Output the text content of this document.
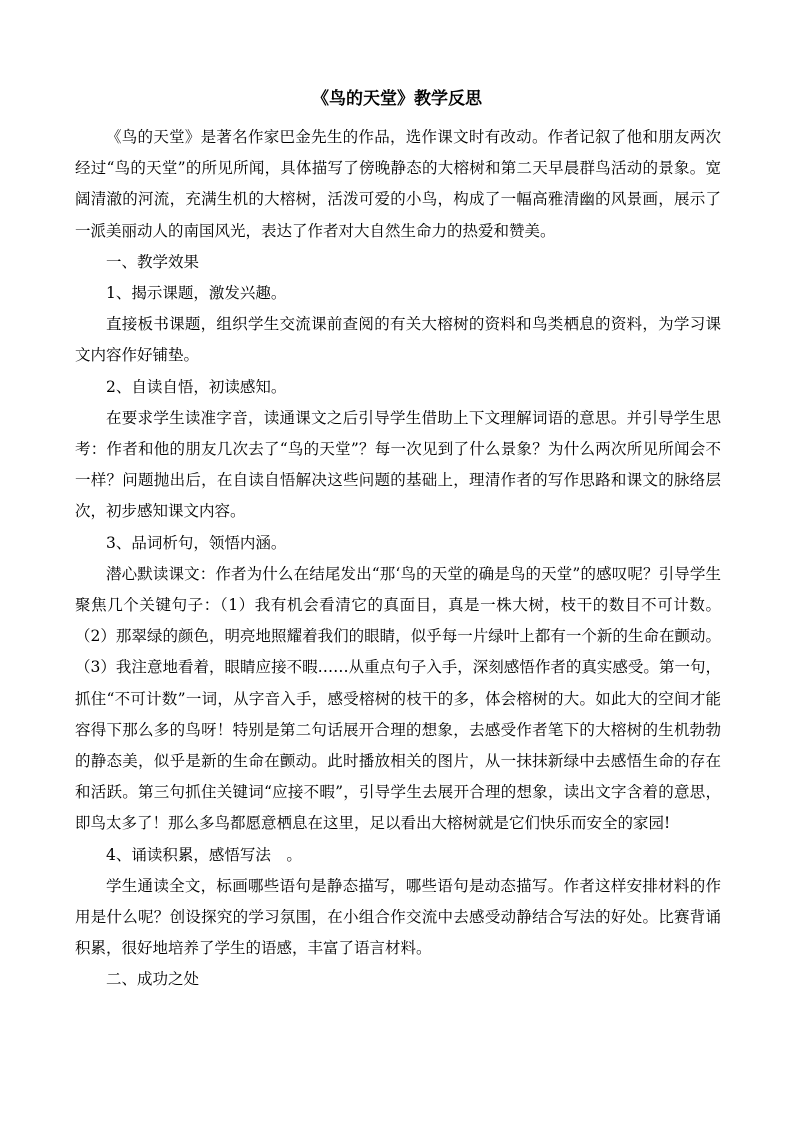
《鸟的天堂》教学反思

《鸟的天堂》是著名作家巴金先生的作品，选作课文时有改动。作者记叙了他和朋友两次经过“鸟的天堂”的所见所闻，具体描写了傍晚静态的大榕树和第二天早晨群鸟活动的景象。宽阔清澈的河流，充满生机的大榕树，活泼可爱的小鸟，构成了一幅高雅清幽的风景画，展示了一派美丽动人的南国风光，表达了作者对大自然生命力的热爱和赞美。

一、教学效果

1、揭示课题，激发兴趣。

直接板书课题，组织学生交流课前查阅的有关大榕树的资料和鸟类栖息的资料，为学习课文内容作好铺垫。

2、自读自悟，初读感知。

在要求学生读准字音，读通课文之后引导学生借助上下文理解词语的意思。并引导学生思考：作者和他的朋友几次去了“鸟的天堂”？每一次见到了什么景象？为什么两次所见所闻会不一样？问题抛出后，在自读自悟解决这些问题的基础上，理清作者的写作思路和课文的脉络层次，初步感知课文内容。

3、品词析句，领悟内涵。

潜心默读课文：作者为什么在结尾发出“那‘鸟的天堂的确是鸟的天堂”的感叹呢？引导学生聚焦几个关键句子：（1）我有机会看清它的真面目，真是一株大树，枝干的数目不可计数。（2）那翠绿的颜色，明亮地照耀着我们的眼睛，似乎每一片绿叶上都有一个新的生命在颤动。（3）我注意地看着，眼睛应接不暇……从重点句子入手，深刻感悟作者的真实感受。第一句，抓住“不可计数”一词，从字音入手，感受榕树的枝干的多，体会榕树的大。如此大的空间才能容得下那么多的鸟呀！特别是第二句话展开合理的想象，去感受作者笔下的大榕树的生机勃勃的静态美，似乎是新的生命在颤动。此时播放相关的图片，从一抹抹新绿中去感悟生命的存在和活跃。第三句抓住关键词“应接不暇”，引导学生去展开合理的想象，读出文字含着的意思，即鸟太多了！那么多鸟都愿意栖息在这里，足以看出大榕树就是它们快乐而安全的家园!

4、诵读积累，感悟写法　。

学生通读全文，标画哪些语句是静态描写，哪些语句是动态描写。作者这样安排材料的作用是什么呢？创设探究的学习氛围，在小组合作交流中去感受动静结合写法的好处。比赛背诵积累，很好地培养了学生的语感，丰富了语言材料。

二、成功之处
